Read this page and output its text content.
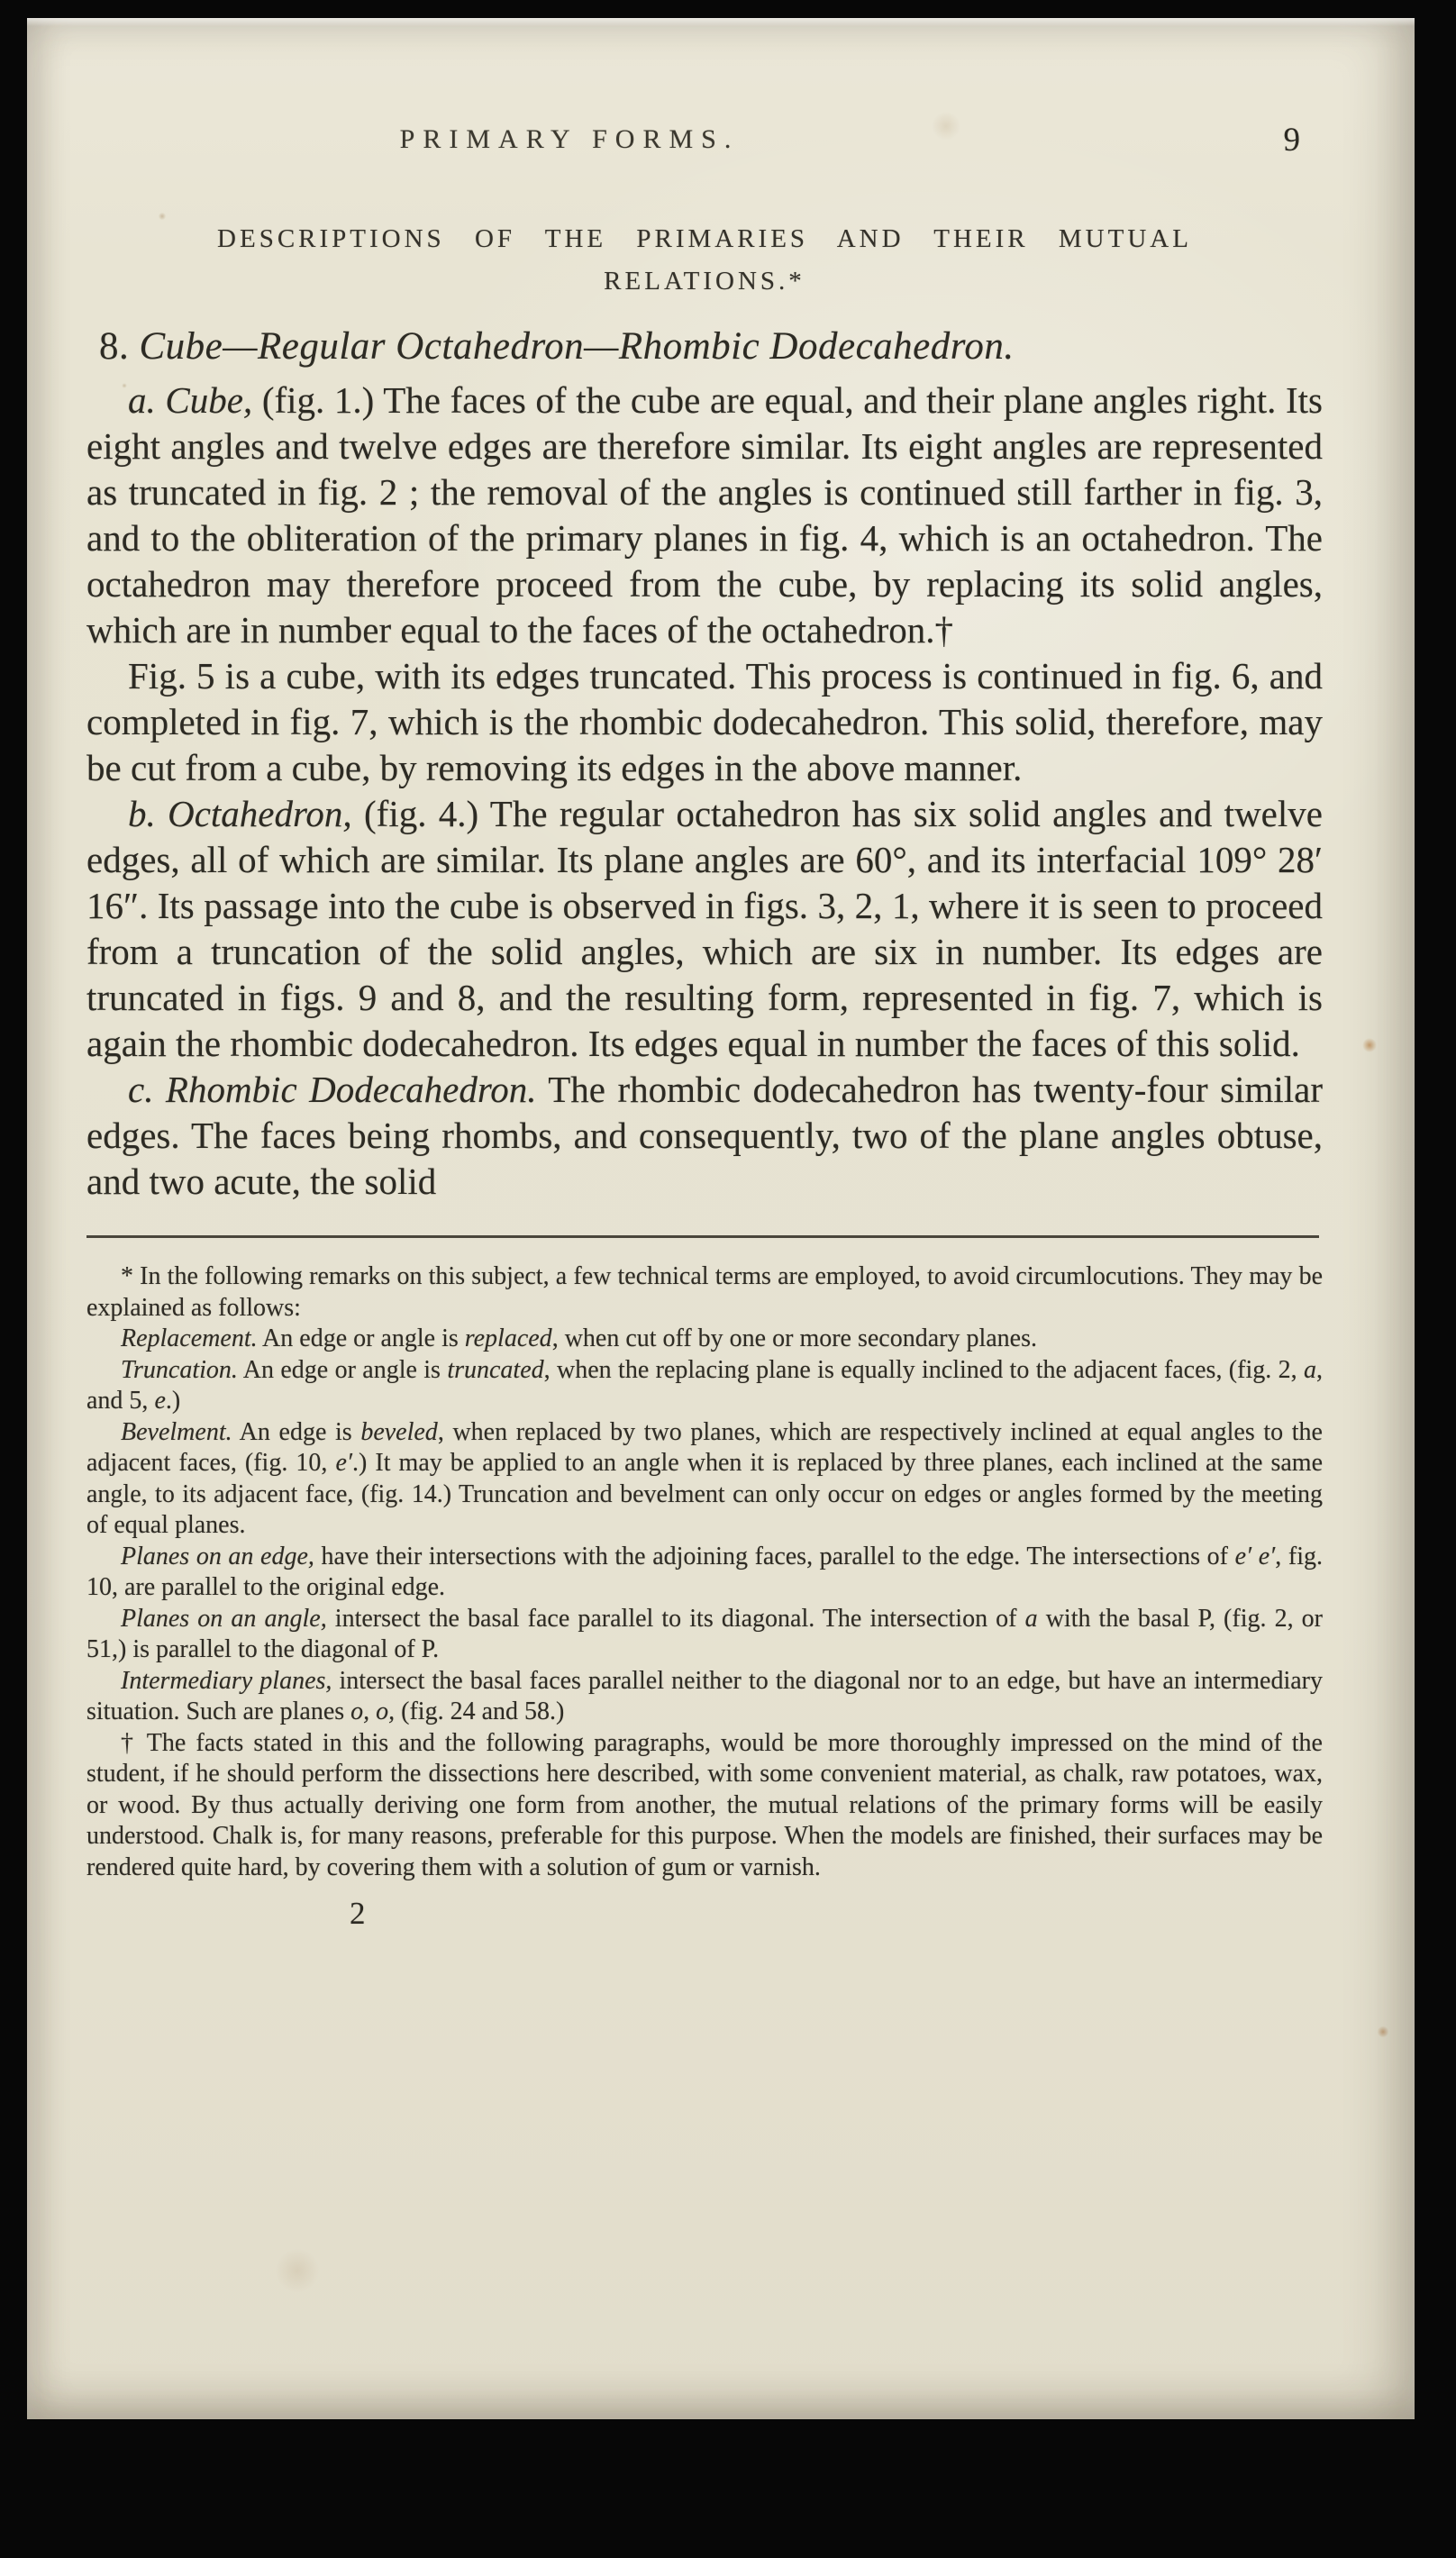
PRIMARY FORMS.	9
DESCRIPTIONS OF THE PRIMARIES AND THEIR MUTUAL
RELATIONS.*
8. Cube—Regular Octahedron—Rhombic Dodecahedron.

a. Cube, (fig. 1.) The faces of the cube are equal, and their plane angles right. Its eight angles and twelve edges are therefore similar. Its eight angles are represented as truncated in fig. 2 ; the removal of the angles is continued still farther in fig. 3, and to the obliteration of the primary planes in fig. 4, which is an octahedron. The octahedron may therefore proceed from the cube, by replacing its solid angles, which are in number equal to the faces of the octahedron.†

Fig. 5 is a cube, with its edges truncated. This process is continued in fig. 6, and completed in fig. 7, which is the rhombic dodecahedron. This solid, therefore, may be cut from a cube, by removing its edges in the above manner.

b. Octahedron, (fig. 4.) The regular octahedron has six solid angles and twelve edges, all of which are similar. Its plane angles are 60°, and its interfacial 109° 28′ 16″. Its passage into the cube is observed in figs. 3, 2, 1, where it is seen to proceed from a truncation of the solid angles, which are six in number. Its edges are truncated in figs. 9 and 8, and the resulting form, represented in fig. 7, which is again the rhombic dodecahedron. Its edges equal in number the faces of this solid.

c. Rhombic Dodecahedron. The rhombic dodecahedron has twenty-four similar edges. The faces being rhombs, and consequently, two of the plane angles obtuse, and two acute, the solid

* In the following remarks on this subject, a few technical terms are employed, to avoid circumlocutions. They may be explained as follows:

Replacement. An edge or angle is replaced, when cut off by one or more secondary planes.

Truncation. An edge or angle is truncated, when the replacing plane is equally inclined to the adjacent faces, (fig. 2, a, and 5, e.)

Bevelment. An edge is beveled, when replaced by two planes, which are respectively inclined at equal angles to the adjacent faces, (fig. 10, e′.) It may be applied to an angle when it is replaced by three planes, each inclined at the same angle, to its adjacent face, (fig. 14.) Truncation and bevelment can only occur on edges or angles formed by the meeting of equal planes.

Planes on an edge, have their intersections with the adjoining faces, parallel to the edge. The intersections of e′ e′, fig. 10, are parallel to the original edge.

Planes on an angle, intersect the basal face parallel to its diagonal. The intersection of a with the basal P, (fig. 2, or 51,) is parallel to the diagonal of P.

Intermediary planes, intersect the basal faces parallel neither to the diagonal nor to an edge, but have an intermediary situation. Such are planes o, o, (fig. 24 and 58.)

† The facts stated in this and the following paragraphs, would be more thoroughly impressed on the mind of the student, if he should perform the dissections here described, with some convenient material, as chalk, raw potatoes, wax, or wood. By thus actually deriving one form from another, the mutual relations of the primary forms will be easily understood. Chalk is, for many reasons, preferable for this purpose. When the models are finished, their surfaces may be rendered quite hard, by covering them with a solution of gum or varnish.

2
